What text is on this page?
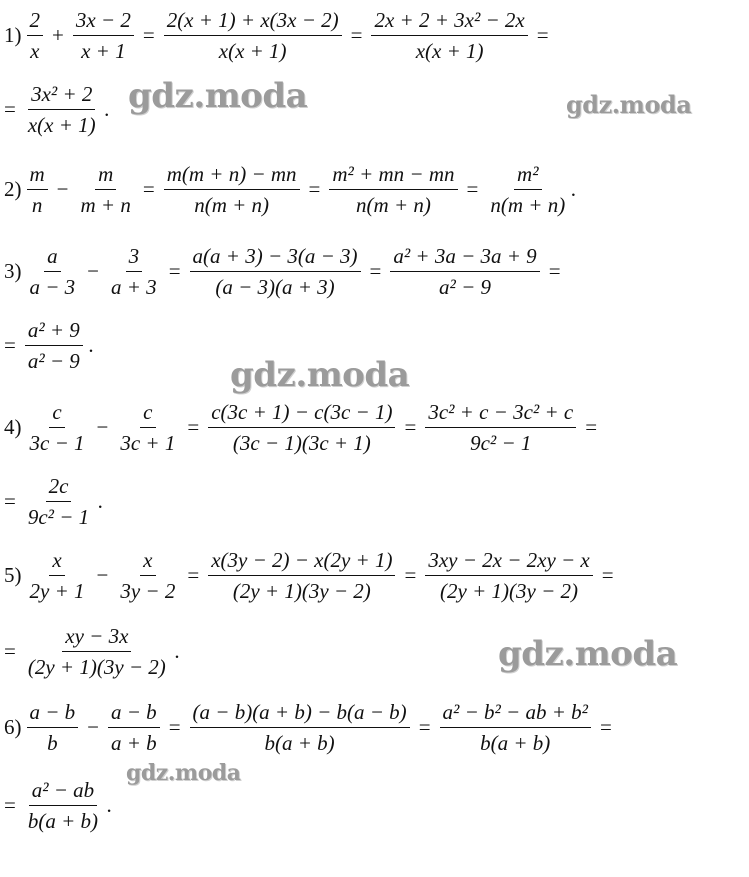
$1) \frac{2}{x} + \frac{3x - 2}{x + 1} = \frac{2(x + 1) + x(3x - 2)}{x(x + 1)} = \frac{\text{2x + 2 + 3x² − 2x}}{x(x + 1)}$ =
= $\frac{\text{3x² + 2}}{x(x + 1)}$ .
$2) \frac{m}{n} - \frac{m}{m + n} = \frac{m(m + n) - mn}{n(m + n)} = \frac{\text{m² + mn − mn}}{n(m + n)} = \frac{\text{m²}}{n(m + n)}$ .
$3) \frac{a}{a - 3} - \frac{3}{a + 3} = \frac{a(a + 3) - 3(a - 3)}{(a - 3)(a + 3)} = \frac{\text{a² + 3a − 3a + 9}}{\text{a² − 9}}$ =
= $\frac{\text{a² + 9}}{\text{a² − 9}}$ .
$4) \frac{c}{3c - 1} - \frac{c}{3c + 1} = \frac{c(3c + 1) - c(3c - 1)}{(3c - 1)(3c + 1)} = \frac{\text{3c² + c − 3c² + c}}{\text{9c² − 1}}$ =
= $\frac{2c}{\text{9c² − 1}}$ .
$5) \frac{x}{2y + 1} - \frac{x}{3y - 2} = \frac{x(3y - 2) - x(2y + 1)}{(2y + 1)(3y - 2)} = \frac{3xy - 2x - 2xy - x}{(2y + 1)(3y - 2)}$ =
= $\frac{xy - 3x}{(2y + 1)(3y - 2)}$ .
$6) \frac{a - b}{b} - \frac{a - b}{a + b} = \frac{(a - b)(a + b) - b(a - b)}{b(a + b)} = \frac{\text{a² − b² − ab + b²}}{b(a + b)}$ =
= $\frac{\text{a² − ab}}{b(a + b)}$ .
gdz.moda	gdz.moda
gdz.moda
gdz.moda
gdz.moda
